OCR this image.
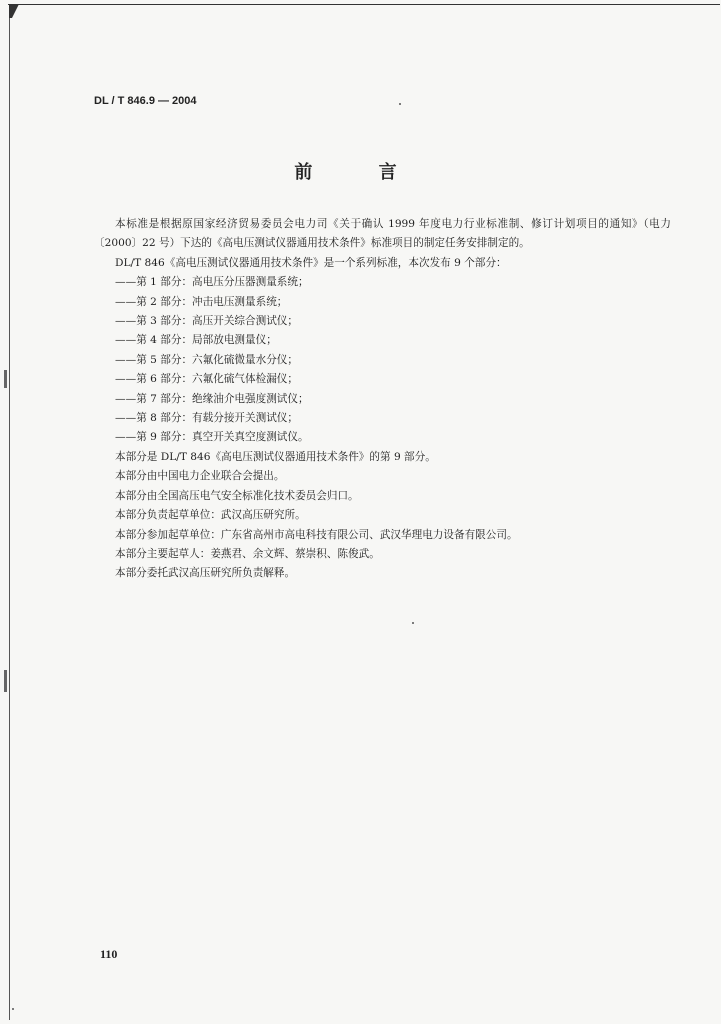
DL / T 846.9 — 2004
前 言

本标准是根据原国家经济贸易委员会电力司《关于确认 1999 年度电力行业标准制、修订计划项目的通知》（电力〔2000〕22 号）下达的《高电压测试仪器通用技术条件》标准项目的制定任务安排制定的。

DL/T 846《高电压测试仪器通用技术条件》是一个系列标准，本次发布 9 个部分：

——第 1 部分：高电压分压器测量系统；

——第 2 部分：冲击电压测量系统；

——第 3 部分：高压开关综合测试仪；

——第 4 部分：局部放电测量仪；

——第 5 部分：六氟化硫微量水分仪；

——第 6 部分：六氟化硫气体检漏仪；

——第 7 部分：绝缘油介电强度测试仪；

——第 8 部分：有载分接开关测试仪；

——第 9 部分：真空开关真空度测试仪。

本部分是 DL/T 846《高电压测试仪器通用技术条件》的第 9 部分。

本部分由中国电力企业联合会提出。

本部分由全国高压电气安全标准化技术委员会归口。

本部分负责起草单位：武汉高压研究所。

本部分参加起草单位：广东省高州市高电科技有限公司、武汉华理电力设备有限公司。

本部分主要起草人：姜燕君、余文辉、蔡崇积、陈俊武。

本部分委托武汉高压研究所负责解释。

110
